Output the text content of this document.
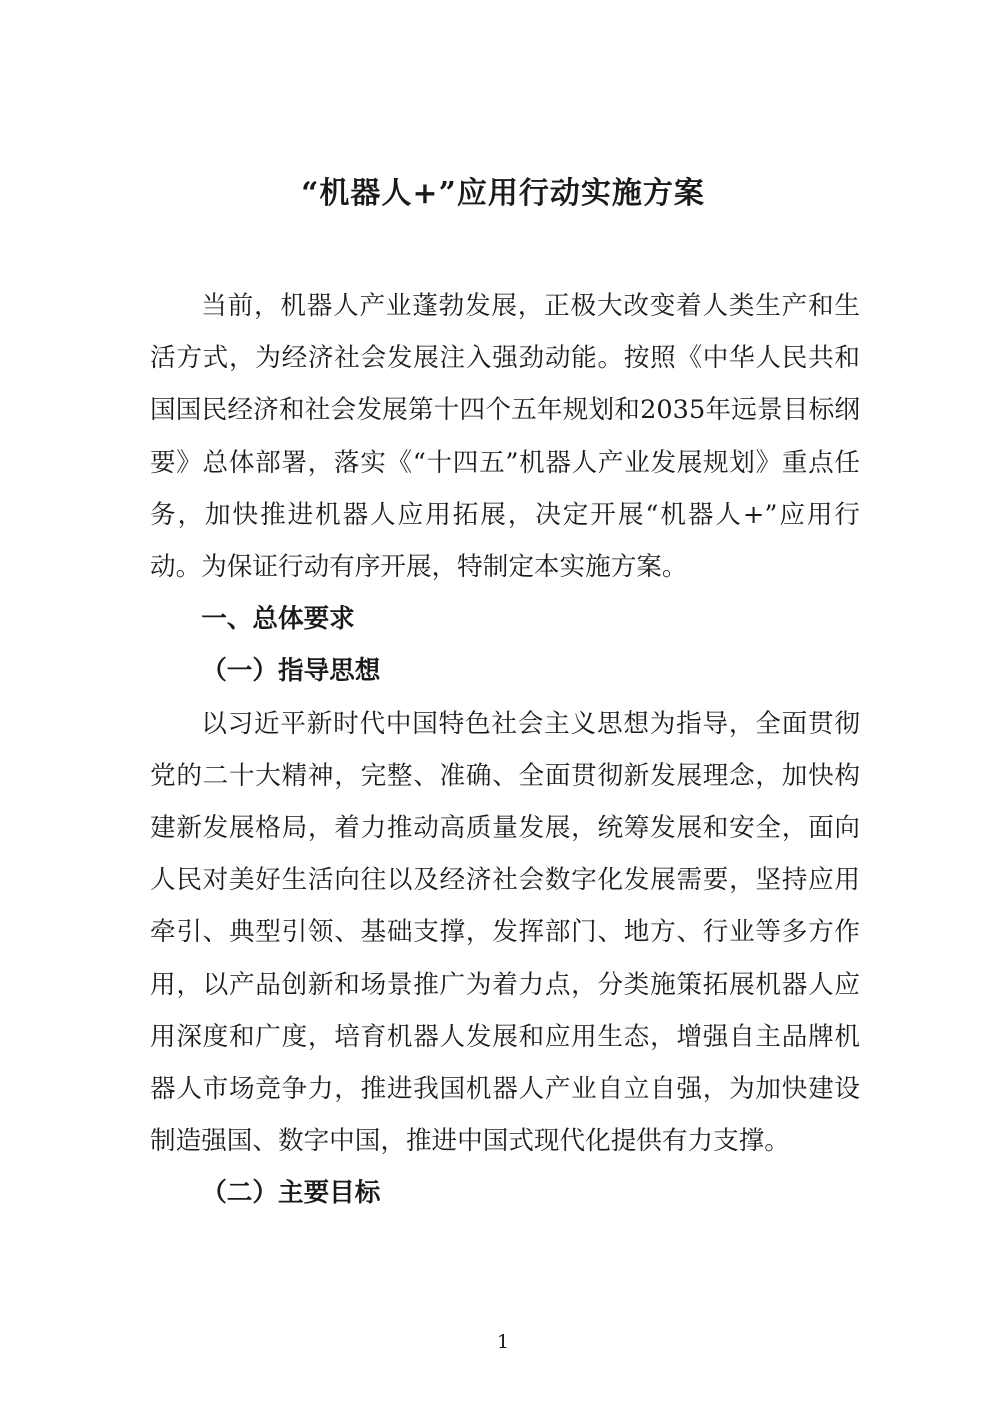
“机器人+”应用行动实施方案

当前，机器人产业蓬勃发展，正极大改变着人类生产和生活方式，为经济社会发展注入强劲动能。按照《中华人民共和国国民经济和社会发展第十四个五年规划和2035年远景目标纲要》总体部署，落实《“十四五”机器人产业发展规划》重点任务，加快推进机器人应用拓展，决定开展“机器人+”应用行动。为保证行动有序开展，特制定本实施方案。

一、总体要求

（一）指导思想

以习近平新时代中国特色社会主义思想为指导，全面贯彻党的二十大精神，完整、准确、全面贯彻新发展理念，加快构建新发展格局，着力推动高质量发展，统筹发展和安全，面向人民对美好生活向往以及经济社会数字化发展需要，坚持应用牵引、典型引领、基础支撑，发挥部门、地方、行业等多方作用，以产品创新和场景推广为着力点，分类施策拓展机器人应用深度和广度，培育机器人发展和应用生态，增强自主品牌机器人市场竞争力，推进我国机器人产业自立自强，为加快建设制造强国、数字中国，推进中国式现代化提供有力支撑。

（二）主要目标

1
